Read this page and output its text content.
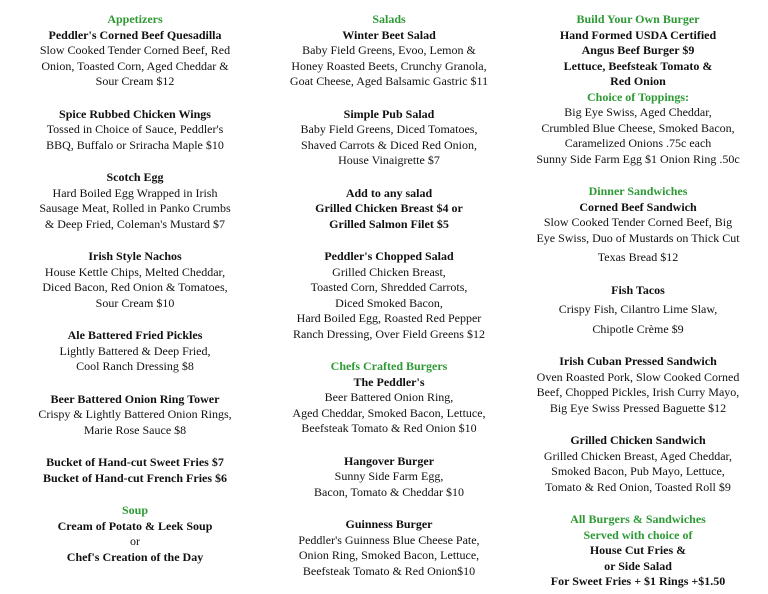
Appetizers
Peddler's Corned Beef Quesadilla
Slow Cooked Tender Corned Beef, Red
Onion, Toasted Corn, Aged Cheddar &
Sour Cream $12
Spice Rubbed Chicken Wings
Tossed in Choice of Sauce, Peddler's
BBQ, Buffalo or Sriracha Maple $10
Scotch Egg
Hard Boiled Egg Wrapped in Irish
Sausage Meat, Rolled in Panko Crumbs
& Deep Fried, Coleman's Mustard $7
Irish Style Nachos
House Kettle Chips, Melted Cheddar,
Diced Bacon, Red Onion & Tomatoes,
Sour Cream $10
Ale Battered Fried Pickles
Lightly Battered & Deep Fried,
Cool Ranch Dressing $8
Beer Battered Onion Ring Tower
Crispy & Lightly Battered Onion Rings,
Marie Rose Sauce $8
Bucket of Hand-cut Sweet Fries $7
Bucket of Hand-cut French Fries $6
Soup
Cream of Potato & Leek Soup
or
Chef's Creation of the Day
Salads
Winter Beet Salad
Baby Field Greens, Evoo, Lemon &
Honey Roasted Beets, Crunchy Granola,
Goat Cheese, Aged Balsamic Gastric $11
Simple Pub Salad
Baby Field Greens, Diced Tomatoes,
Shaved Carrots & Diced Red Onion,
House Vinaigrette $7
Add to any salad
Grilled Chicken Breast $4 or
Grilled Salmon Filet $5
Peddler's Chopped Salad
Grilled Chicken Breast,
Toasted Corn, Shredded Carrots,
Diced Smoked Bacon,
Hard Boiled Egg, Roasted Red Pepper
Ranch Dressing, Over Field Greens $12
Chefs Crafted Burgers
The Peddler's
Beer Battered Onion Ring,
Aged Cheddar, Smoked Bacon, Lettuce,
Beefsteak Tomato & Red Onion $10
Hangover Burger
Sunny Side Farm Egg,
Bacon, Tomato & Cheddar $10
Guinness Burger
Peddler's Guinness Blue Cheese Pate,
Onion Ring, Smoked Bacon, Lettuce,
Beefsteak Tomato & Red Onion$10
Build Your Own Burger
Hand Formed USDA Certified
Angus Beef Burger $9
Lettuce, Beefsteak Tomato &
Red Onion
Choice of Toppings:
Big Eye Swiss, Aged Cheddar,
Crumbled Blue Cheese, Smoked Bacon,
Caramelized Onions .75c each
Sunny Side Farm Egg $1 Onion Ring .50c
Dinner Sandwiches
Corned Beef Sandwich
Slow Cooked Tender Corned Beef, Big
Eye Swiss, Duo of Mustards on Thick Cut
Texas Bread $12
Fish Tacos
Crispy Fish, Cilantro Lime Slaw,
Chipotle Crème $9
Irish Cuban Pressed Sandwich
Oven Roasted Pork, Slow Cooked Corned
Beef, Chopped Pickles, Irish Curry Mayo,
Big Eye Swiss Pressed Baguette $12
Grilled Chicken Sandwich
Grilled Chicken Breast, Aged Cheddar,
Smoked Bacon, Pub Mayo, Lettuce,
Tomato & Red Onion, Toasted Roll $9
All Burgers & Sandwiches
Served with choice of
House Cut Fries &
or Side Salad
For Sweet Fries + $1 Rings +$1.50
